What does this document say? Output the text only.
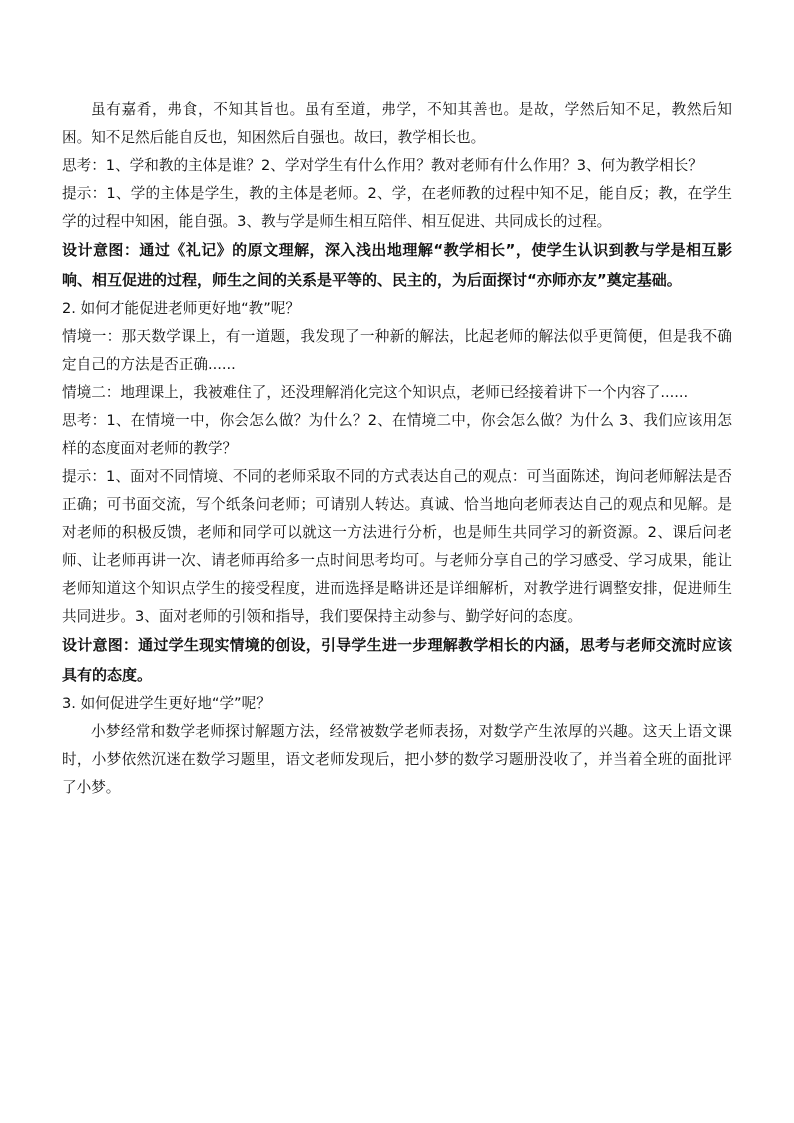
虽有嘉肴，弗食，不知其旨也。虽有至道，弗学，不知其善也。是故，学然后知不足，教然后知困。知不足然后能自反也，知困然后自强也。故曰，教学相长也。

思考：1、学和教的主体是谁？2、学对学生有什么作用？教对老师有什么作用？3、何为教学相长？

提示：1、学的主体是学生，教的主体是老师。2、学，在老师教的过程中知不足，能自反；教，在学生学的过程中知困，能自强。3、教与学是师生相互陪伴、相互促进、共同成长的过程。

设计意图：通过《礼记》的原文理解，深入浅出地理解“教学相长”，使学生认识到教与学是相互影响、相互促进的过程，师生之间的关系是平等的、民主的，为后面探讨“亦师亦友”奠定基础。

2. 如何才能促进老师更好地“教”呢？

情境一：那天数学课上，有一道题，我发现了一种新的解法，比起老师的解法似乎更简便，但是我不确定自己的方法是否正确......

情境二：地理课上，我被难住了，还没理解消化完这个知识点，老师已经接着讲下一个内容了......

思考：1、在情境一中，你会怎么做？为什么？2、在情境二中，你会怎么做？为什么 3、我们应该用怎样的态度面对老师的教学？

提示：1、面对不同情境、不同的老师采取不同的方式表达自己的观点：可当面陈述，询问老师解法是否正确；可书面交流，写个纸条问老师；可请别人转达。真诚、恰当地向老师表达自己的观点和见解。是对老师的积极反馈，老师和同学可以就这一方法进行分析，也是师生共同学习的新资源。2、课后问老师、让老师再讲一次、请老师再给多一点时间思考均可。与老师分享自己的学习感受、学习成果，能让老师知道这个知识点学生的接受程度，进而选择是略讲还是详细解析，对教学进行调整安排，促进师生共同进步。3、面对老师的引领和指导，我们要保持主动参与、勤学好问的态度。

设计意图：通过学生现实情境的创设，引导学生进一步理解教学相长的内涵，思考与老师交流时应该具有的态度。

3. 如何促进学生更好地“学”呢？

小梦经常和数学老师探讨解题方法，经常被数学老师表扬，对数学产生浓厚的兴趣。这天上语文课时，小梦依然沉迷在数学习题里，语文老师发现后，把小梦的数学习题册没收了，并当着全班的面批评了小梦。
